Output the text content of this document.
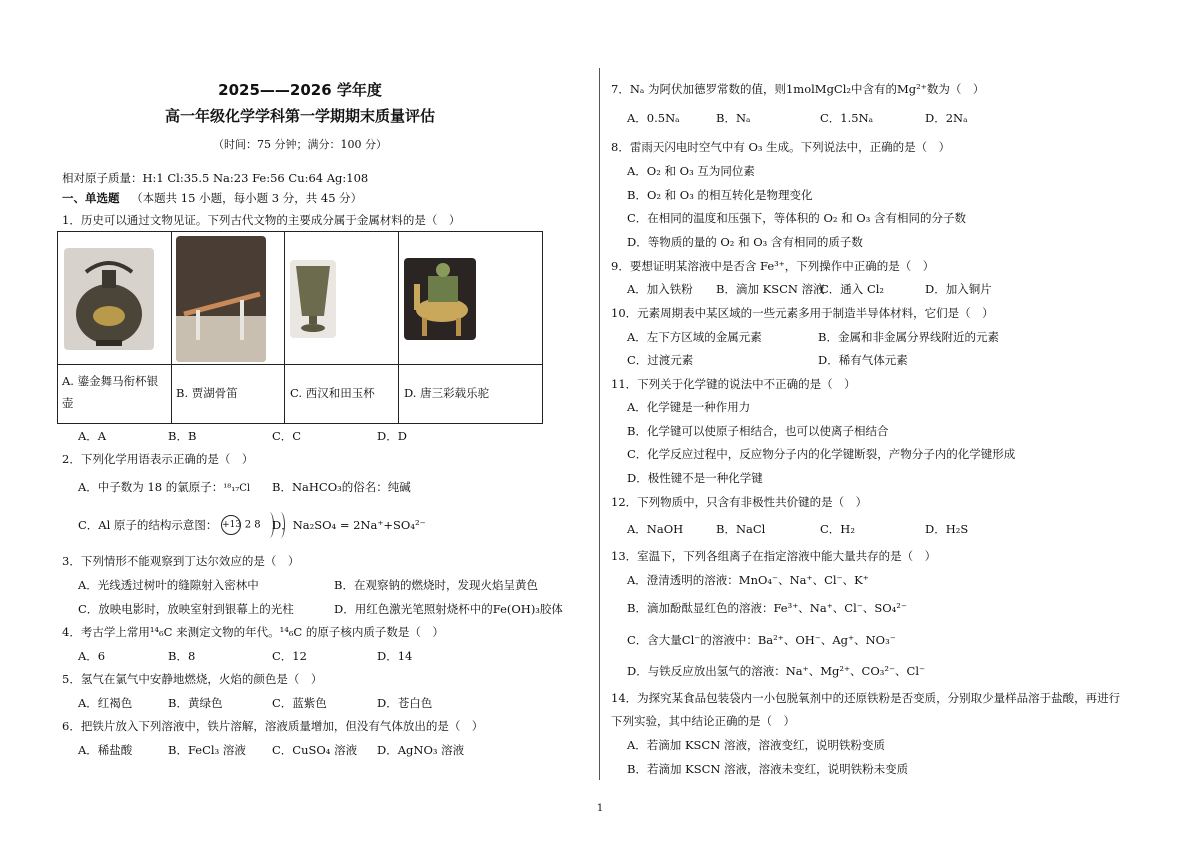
2025——2026 学年度
高一年级化学学科第一学期期末质量评估
（时间：75 分钟；满分：100 分）
相对原子质量：H:1 Cl:35.5 Na:23 Fe:56 Cu:64 Ag:108
一、单选题 （本题共 15 小题，每小题 3 分，共 45 分）
1．历史可以通过文物见证。下列古代文物的主要成分属于金属材料的是（　）
A. 鎏金舞马衔杯银
壶
B. 贾湖骨笛	C. 西汉和田玉杯	D. 唐三彩载乐驼
A．A	B．B	C．C	D．D
2．下列化学用语表示正确的是（　）
A．中子数为 18 的氯原子：¹⁸₁₇Cl B．NaHCO₃的俗名：纯碱
C．Al 原子的结构示意图： +13 2 8 D．Na₂SO₄ = 2Na⁺+SO₄²⁻
3．下列情形不能观察到丁达尔效应的是（　）
A．光线透过树叶的缝隙射入密林中	B．在观察钠的燃烧时，发现火焰呈黄色
C．放映电影时，放映室射到银幕上的光柱	D．用红色激光笔照射烧杯中的Fe(OH)₃胶体
4．考古学上常用¹⁴₆C 来测定文物的年代。¹⁴₆C 的原子核内质子数是（　）
A．6	B．8	C．12	D．14
5．氢气在氯气中安静地燃烧，火焰的颜色是（　）
A．红褐色	B．黄绿色	C．蓝紫色	D．苍白色
6．把铁片放入下列溶液中，铁片溶解，溶液质量增加，但没有气体放出的是（　）
A．稀盐酸	B．FeCl₃ 溶液 C．CuSO₄ 溶液 D．AgNO₃ 溶液
7．Nₐ 为阿伏加德罗常数的值，则1molMgCl₂中含有的Mg²⁺数为（　）
A．0.5Nₐ	B．Nₐ	C．1.5Nₐ	D．2Nₐ
8．雷雨天闪电时空气中有 O₃ 生成。下列说法中，正确的是（　）
A．O₂ 和 O₃ 互为同位素
B．O₂ 和 O₃ 的相互转化是物理变化
C．在相同的温度和压强下，等体积的 O₂ 和 O₃ 含有相同的分子数
D．等物质的量的 O₂ 和 O₃ 含有相同的质子数
9．要想证明某溶液中是否含 Fe³⁺，下列操作中正确的是（　）
A．加入铁粉 B．滴加 KSCN 溶液
C．通入 Cl₂	D．加入铜片
10．元素周期表中某区域的一些元素多用于制造半导体材料，它们是（　）
A．左下方区域的金属元素	B．金属和非金属分界线附近的元素
C．过渡元素	D．稀有气体元素
11．下列关于化学键的说法中不正确的是（　）
A．化学键是一种作用力
B．化学键可以使原子相结合，也可以使离子相结合
C．化学反应过程中，反应物分子内的化学键断裂，产物分子内的化学键形成
D．极性键不是一种化学键
12．下列物质中，只含有非极性共价键的是（　）
A．NaOH	B．NaCl	C．H₂	D．H₂S
13．室温下，下列各组离子在指定溶液中能大量共存的是（　）
A．澄清透明的溶液：MnO₄⁻、Na⁺、Cl⁻、K⁺
B．滴加酚酞显红色的溶液：Fe³⁺、Na⁺、Cl⁻、SO₄²⁻
C．含大量Cl⁻的溶液中：Ba²⁺、OH⁻、Ag⁺、NO₃⁻
D．与铁反应放出氢气的溶液：Na⁺、Mg²⁺、CO₃²⁻、Cl⁻
14．为探究某食品包装袋内一小包脱氧剂中的还原铁粉是否变质，分别取少量样品溶于盐酸，再进行
下列实验，其中结论正确的是（　）
A．若滴加 KSCN 溶液，溶液变红，说明铁粉变质
B．若滴加 KSCN 溶液，溶液未变红，说明铁粉未变质
1
